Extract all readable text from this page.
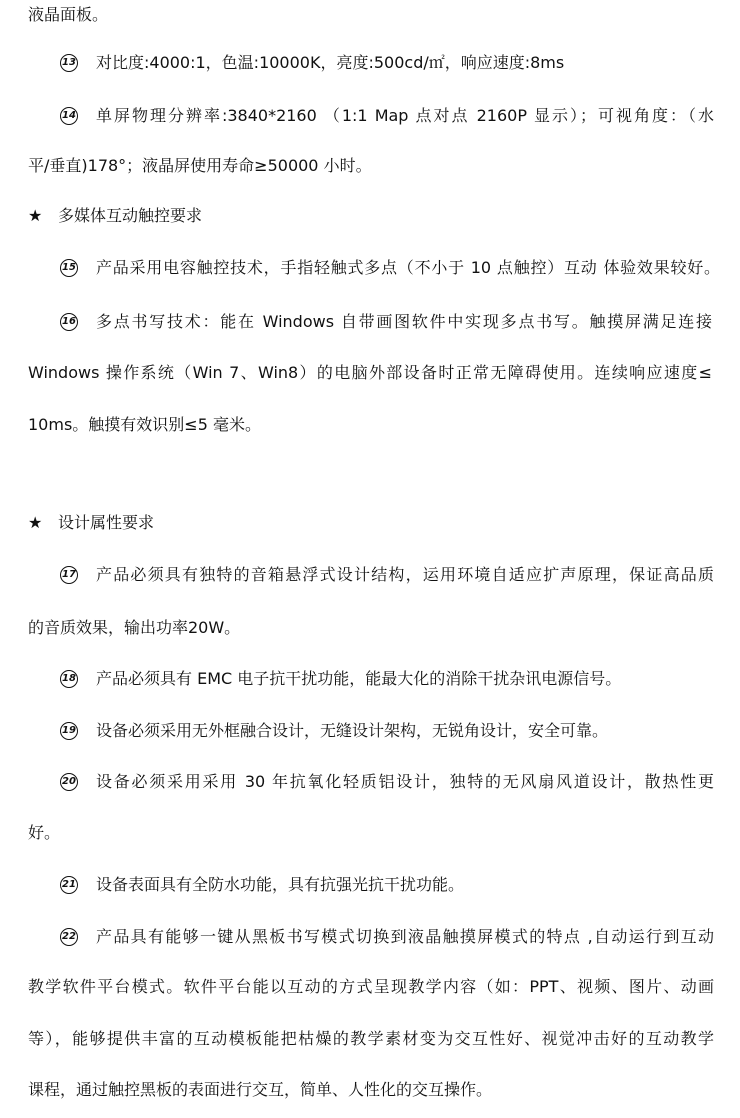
液晶面板。
13 对比度:4000:1，色温:10000K，亮度:500cd/㎡，响应速度:8ms
14 单屏物理分辨率:3840*2160 （1:1 Map 点对点 2160P 显示）；可视角度：（水
平/垂直)178°；液晶屏使用寿命≥50000 小时。
★ 多媒体互动触控要求
15 产品采用电容触控技术，手指轻触式多点（不小于 10 点触控）互动 体验效果较好。
16 多点书写技术：能在 Windows 自带画图软件中实现多点书写。触摸屏满足连接
Windows 操作系统（Win 7、Win8）的电脑外部设备时正常无障碍使用。连续响应速度≤
10ms。触摸有效识别≤5 毫米。
★ 设计属性要求
17 产品必须具有独特的音箱悬浮式设计结构，运用环境自适应扩声原理，保证高品质
的音质效果，输出功率20W。
18 产品必须具有 EMC 电子抗干扰功能，能最大化的消除干扰杂讯电源信号。
19 设备必须采用无外框融合设计，无缝设计架构，无锐角设计，安全可靠。
20 设备必须采用采用 30 年抗氧化轻质铝设计，独特的无风扇风道设计，散热性更
好。
21 设备表面具有全防水功能，具有抗强光抗干扰功能。
22 产品具有能够一键从黑板书写模式切换到液晶触摸屏模式的特点 ,自动运行到互动
教学软件平台模式。软件平台能以互动的方式呈现教学内容（如：PPT、视频、图片、动画
等），能够提供丰富的互动模板能把枯燥的教学素材变为交互性好、视觉冲击好的互动教学
课程，通过触控黑板的表面进行交互，简单、人性化的交互操作。
